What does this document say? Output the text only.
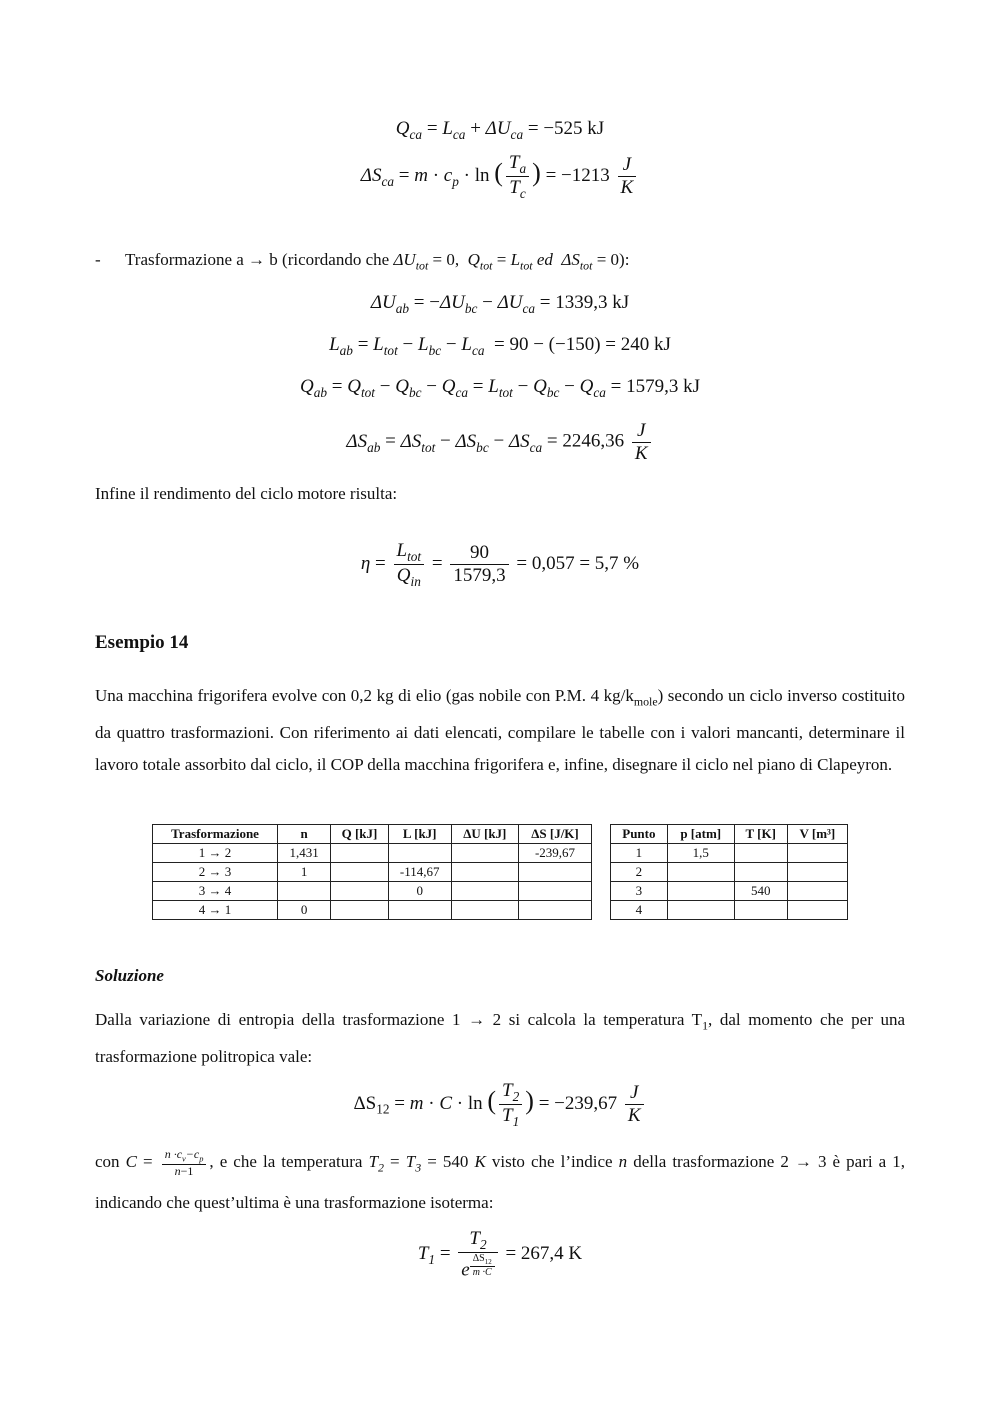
$Q_{ca} = L_{ca} + \Delta U_{ca} = -525$ kJ
$\Delta S_{ca} = m \cdot c_p \cdot \ln$ ( $\frac{T_a}{T_c}$ ) = $-1213 \frac{J}{K}$
- Trasformazione a → b (ricordando che $\Delta U_{tot} = 0$,  $Q_{tot} = L_{tot}$ ed  $\Delta S_{tot} = 0$):
$\Delta U_{ab} = -\Delta U_{bc} - \Delta U_{ca} = 1339,3$ kJ
$L_{ab} = L_{tot} - L_{bc} - L_{ca} = 90 - (-150) = 240$ kJ
$Q_{ab} = Q_{tot} - Q_{bc} - Q_{ca} = L_{tot} - Q_{bc} - Q_{ca} = 1579,3$ kJ
$\Delta S_{ab} = \Delta S_{tot} - \Delta S_{bc} - \Delta S_{ca} = 2246,36 \frac{J}{K}$
Infine il rendimento del ciclo motore risulta:
$\eta = \frac{L_{tot}}{Q_{in}} = \frac{90}{1579,3} = 0,057 = 5,7$ %
Esempio 14
Una macchina frigorifera evolve con 0,2 kg di elio (gas nobile con P.M. 4 $kg/k_{mole}$) secondo un ciclo inverso costituito da quattro trasformazioni. Con riferimento ai dati elencati, compilare le tabelle con i valori mancanti, determinare il lavoro totale assorbito dal ciclo, il COP della macchina frigorifera e, infine, disegnare il ciclo nel piano di Clapeyron.
Trasformazione	n	Q [kJ]	L [kJ]	ΔU [kJ]	ΔS [J/K]
1 → 2	1,431				-239,67
2 → 3	1		-114,67		
3 → 4			0		
4 → 1	0				
Punto	p [atm]	T [K]	V [m³]
1	1,5		
2			
3		540	
4			
Soluzione
Dalla variazione di entropia della trasformazione 1 → 2 si calcola la temperatura $T_1$, dal momento che per una trasformazione politropica vale:
$\Delta S_{12} = m \cdot C \cdot \ln$ ( $\frac{T_2}{T_1}$ ) = $-239,67 \frac{J}{K}$
con $C = \frac{n \cdot c_v-c_p}{n-1}$ , e che la temperatura $T_2 = T_3 = 540$ K visto che l’indice n della trasformazione 2 → 3 è pari a 1, indicando che quest’ultima è una trasformazione isoterma:
$T_1 = T_2$
e $^{\frac{\Delta S_{12}}{m \cdot C}}$ = 267,4 K
